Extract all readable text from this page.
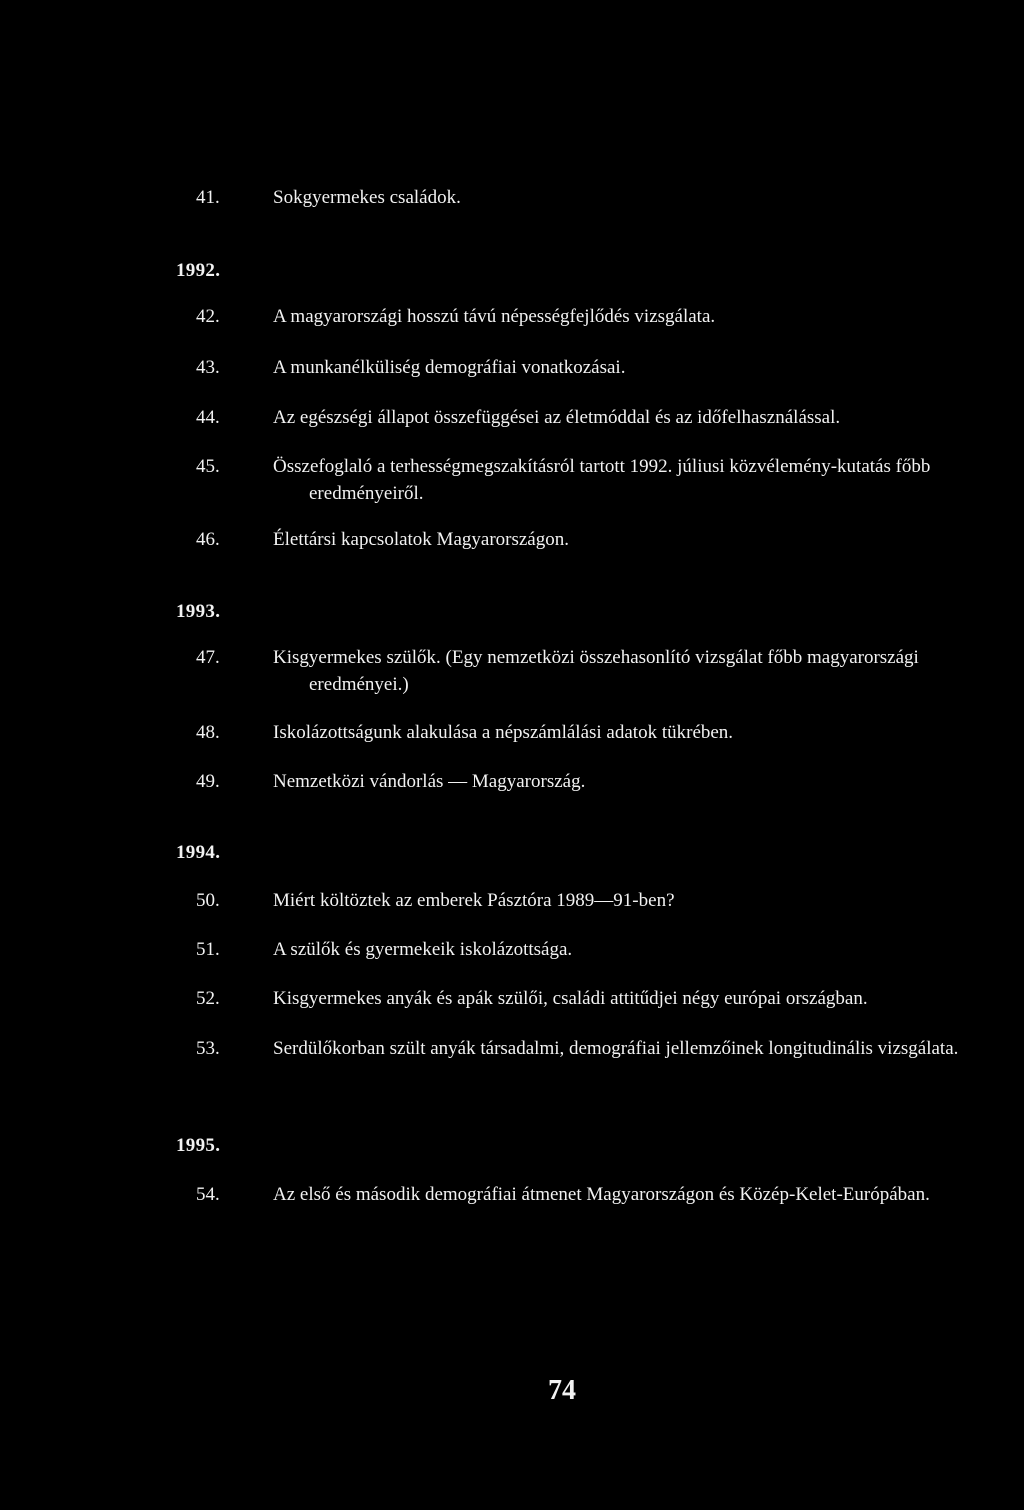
41.	Sokgyermekes családok.
1992.
42.	A magyarországi hosszú távú népességfejlődés vizsgálata.
43.	A munkanélküliség demográfiai vonatkozásai.
44.	Az egészségi állapot összefüggései az életmóddal és az időfelhasználással.
45.	Összefoglaló a terhességmegszakításról tartott 1992. júliusi közvélemény-kutatás főbb eredményeiről.
46.	Élettársi kapcsolatok Magyarországon.
1993.
47.	Kisgyermekes szülők. (Egy nemzetközi összehasonlító vizsgálat főbb magyarországi eredményei.)
48.	Iskolázottságunk alakulása a népszámlálási adatok tükrében.
49.	Nemzetközi vándorlás — Magyarország.
1994.
50.	Miért költöztek az emberek Pásztóra 1989—91-ben?
51.	A szülők és gyermekeik iskolázottsága.
52.	Kisgyermekes anyák és apák szülői, családi attitűdjei négy európai országban.
53.	Serdülőkorban szült anyák társadalmi, demográfiai jellemzőinek longitudinális vizsgálata.
1995.
54.	Az első és második demográfiai átmenet Magyarországon és Közép-Kelet-Európában.
74
